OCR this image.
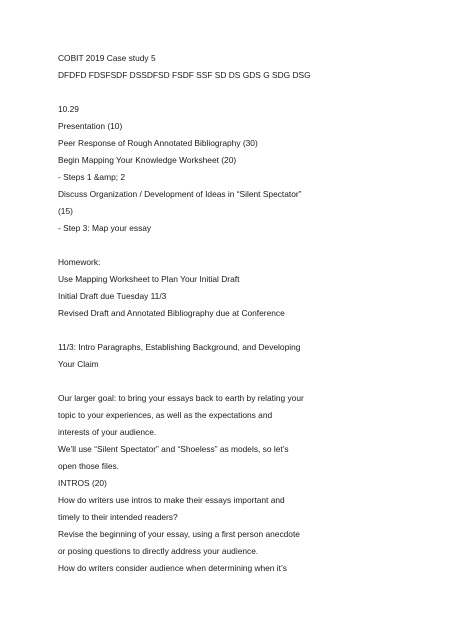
COBIT 2019 Case study 5
DFDFD FDSFSDF DSSDFSD FSDF SSF SD DS GDS G SDG DSG
10.29
Presentation (10)
Peer Response of Rough Annotated Bibliography (30)
Begin Mapping Your Knowledge Worksheet (20)
- Steps 1 &amp; 2
Discuss Organization / Development of Ideas in “Silent Spectator”
(15)
- Step 3: Map your essay
Homework:
Use Mapping Worksheet to Plan Your Initial Draft
Initial Draft due Tuesday 11/3
Revised Draft and Annotated Bibliography due at Conference
11/3: Intro Paragraphs, Establishing Background, and Developing
Your Claim
Our larger goal: to bring your essays back to earth by relating your
topic to your experiences, as well as the expectations and
interests of your audience.
We’ll use “Silent Spectator” and “Shoeless” as models, so let’s
open those files.
INTROS (20)
How do writers use intros to make their essays important and
timely to their intended readers?
Revise the beginning of your essay, using a first person anecdote
or posing questions to directly address your audience.
How do writers consider audience when determining when it’s
